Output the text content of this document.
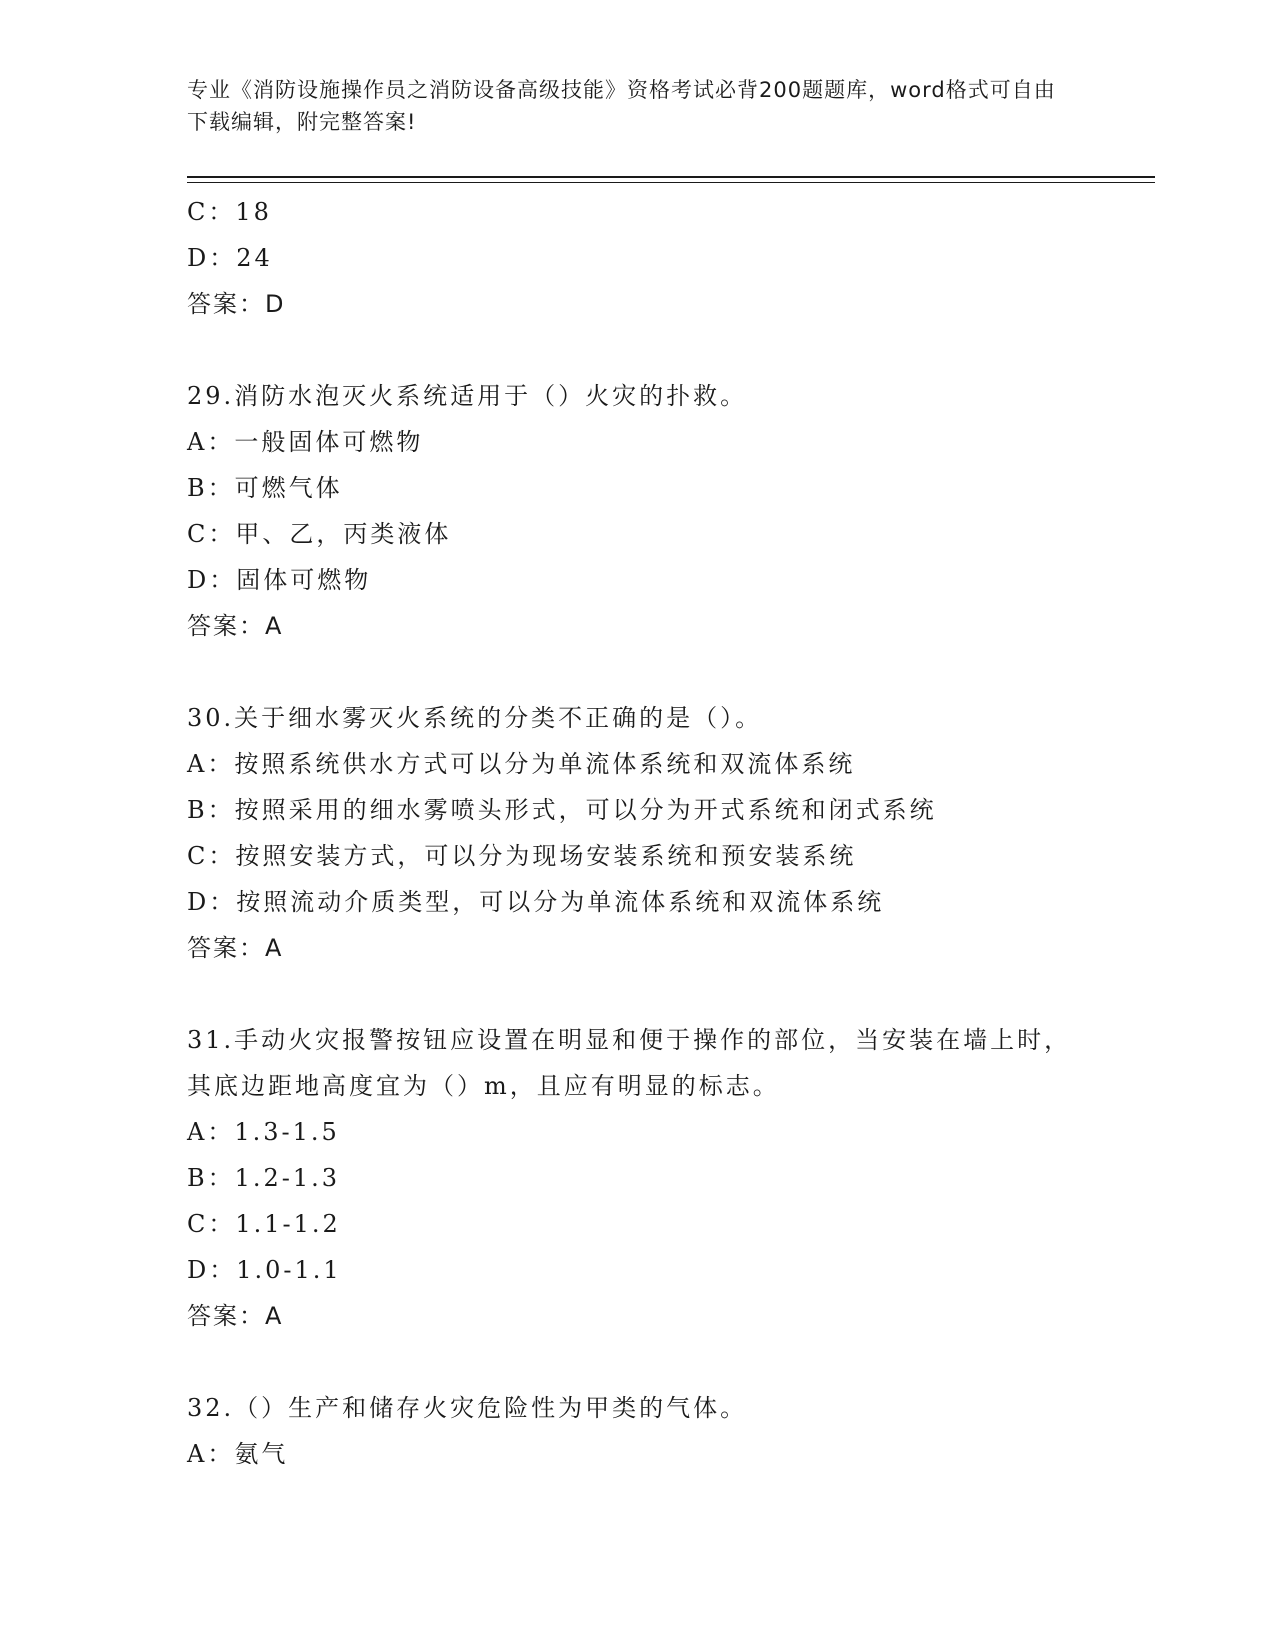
专业《消防设施操作员之消防设备高级技能》资格考试必背200题题库，word格式可自由下载编辑，附完整答案!
C：18
D：24
答案：D
29.消防水泡灭火系统适用于（）火灾的扑救。
A：一般固体可燃物
B：可燃气体
C：甲、乙，丙类液体
D：固体可燃物
答案：A
30.关于细水雾灭火系统的分类不正确的是（）。
A：按照系统供水方式可以分为单流体系统和双流体系统
B：按照采用的细水雾喷头形式，可以分为开式系统和闭式系统
C：按照安装方式，可以分为现场安装系统和预安装系统
D：按照流动介质类型，可以分为单流体系统和双流体系统
答案：A
31.手动火灾报警按钮应设置在明显和便于操作的部位，当安装在墙上时，其底边距地高度宜为（）m，且应有明显的标志。
A：1.3-1.5
B：1.2-1.3
C：1.1-1.2
D：1.0-1.1
答案：A
32.（）生产和储存火灾危险性为甲类的气体。
A：氨气
